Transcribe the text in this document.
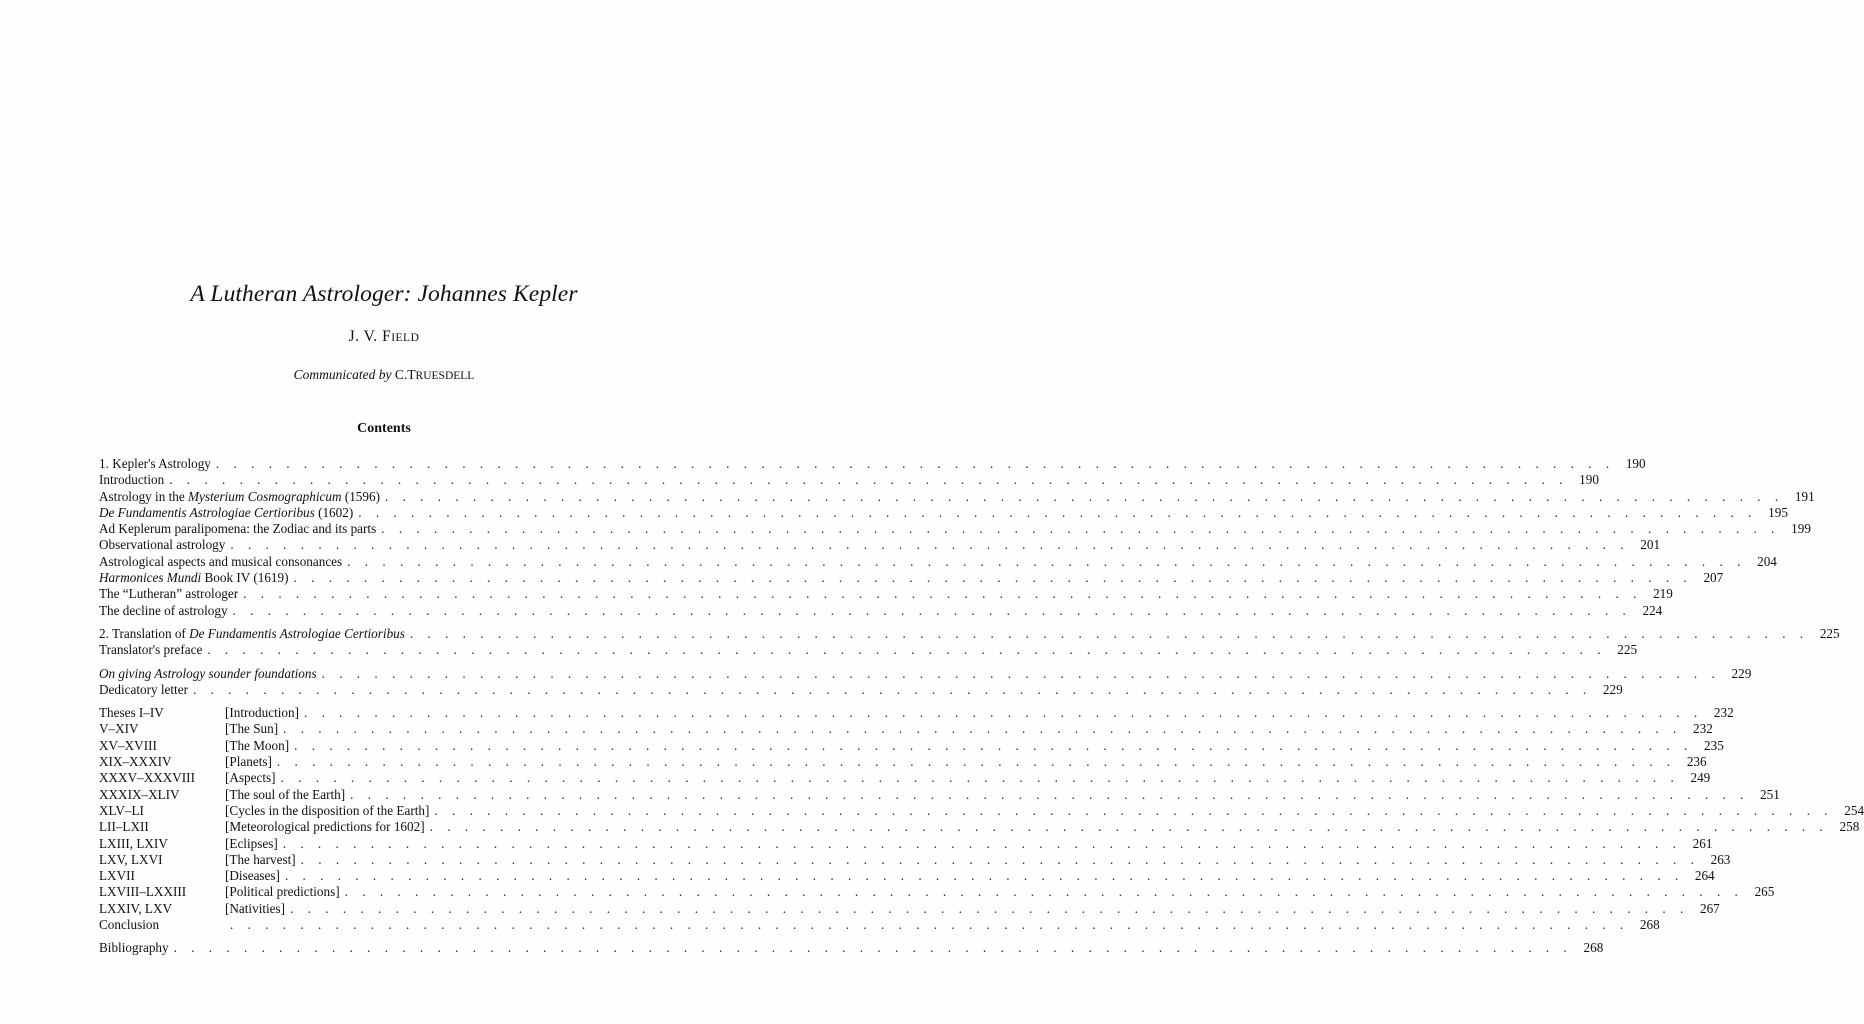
A Lutheran Astrologer: Johannes Kepler
J. V. FIELD
Communicated by C.TRUESDELL
Contents
1. Kepler's Astrology . . . . . . . . . . . . . . . . . . . . . . . . . . . . . . . . . . . . . . . . . . . . . . . . . . . . . . . . . . . . . . . . . . . . . . . . . . . . . . . . 190
Introduction . . . . . . . . . . . . . . . . . . . . . . . . . . . . . . . . . . . . . . . . . . . . . . . . . . . . . . . . . . . . . . . . . . . . . . . . . . . . . . . . 190
Astrology in the Mysterium Cosmographicum (1596) . . . . . . . . . . . . . . . . . . . . . . . . . . . . . . . . . . . . . . . . . . . . . . . . . . . . . . . . . . . . . . . . . . . . . . . . . . . . . . . . 191
De Fundamentis Astrologiae Certioribus (1602) . . . . . . . . . . . . . . . . . . . . . . . . . . . . . . . . . . . . . . . . . . . . . . . . . . . . . . . . . . . . . . . . . . . . . . . . . . . . . . . . 195
Ad Keplerum paralipomena: the Zodiac and its parts . . . . . . . . . . . . . . . . . . . . . . . . . . . . . . . . . . . . . . . . . . . . . . . . . . . . . . . . . . . . . . . . . . . . . . . . . . . . . . . . 199
Observational astrology . . . . . . . . . . . . . . . . . . . . . . . . . . . . . . . . . . . . . . . . . . . . . . . . . . . . . . . . . . . . . . . . . . . . . . . . . . . . . . . . 201
Astrological aspects and musical consonances . . . . . . . . . . . . . . . . . . . . . . . . . . . . . . . . . . . . . . . . . . . . . . . . . . . . . . . . . . . . . . . . . . . . . . . . . . . . . . . . 204
Harmonices Mundi Book IV (1619) . . . . . . . . . . . . . . . . . . . . . . . . . . . . . . . . . . . . . . . . . . . . . . . . . . . . . . . . . . . . . . . . . . . . . . . . . . . . . . . . 207
The “Lutheran” astrologer . . . . . . . . . . . . . . . . . . . . . . . . . . . . . . . . . . . . . . . . . . . . . . . . . . . . . . . . . . . . . . . . . . . . . . . . . . . . . . . . 219
The decline of astrology . . . . . . . . . . . . . . . . . . . . . . . . . . . . . . . . . . . . . . . . . . . . . . . . . . . . . . . . . . . . . . . . . . . . . . . . . . . . . . . . 224
2. Translation of De Fundamentis Astrologiae Certioribus . . . . . . . . . . . . . . . . . . . . . . . . . . . . . . . . . . . . . . . . . . . . . . . . . . . . . . . . . . . . . . . . . . . . . . . . . . . . . . . . 225
Translator's preface . . . . . . . . . . . . . . . . . . . . . . . . . . . . . . . . . . . . . . . . . . . . . . . . . . . . . . . . . . . . . . . . . . . . . . . . . . . . . . . . 225
On giving Astrology sounder foundations . . . . . . . . . . . . . . . . . . . . . . . . . . . . . . . . . . . . . . . . . . . . . . . . . . . . . . . . . . . . . . . . . . . . . . . . . . . . . . . . 229
Dedicatory letter . . . . . . . . . . . . . . . . . . . . . . . . . . . . . . . . . . . . . . . . . . . . . . . . . . . . . . . . . . . . . . . . . . . . . . . . . . . . . . . . 229
Theses I–IV	[Introduction] . . . . . . . . . . . . . . . . . . . . . . . . . . . . . . . . . . . . . . . . . . . . . . . . . . . . . . . . . . . . . . . . . . . . . . . . . . . . . . . . 232
V–XIV	[The Sun] . . . . . . . . . . . . . . . . . . . . . . . . . . . . . . . . . . . . . . . . . . . . . . . . . . . . . . . . . . . . . . . . . . . . . . . . . . . . . . . . 232
XV–XVIII	[The Moon] . . . . . . . . . . . . . . . . . . . . . . . . . . . . . . . . . . . . . . . . . . . . . . . . . . . . . . . . . . . . . . . . . . . . . . . . . . . . . . . . 235
XIX–XXXIV	[Planets] . . . . . . . . . . . . . . . . . . . . . . . . . . . . . . . . . . . . . . . . . . . . . . . . . . . . . . . . . . . . . . . . . . . . . . . . . . . . . . . . 236
XXXV–XXXVIII	[Aspects] . . . . . . . . . . . . . . . . . . . . . . . . . . . . . . . . . . . . . . . . . . . . . . . . . . . . . . . . . . . . . . . . . . . . . . . . . . . . . . . . 249
XXXIX–XLIV	[The soul of the Earth] . . . . . . . . . . . . . . . . . . . . . . . . . . . . . . . . . . . . . . . . . . . . . . . . . . . . . . . . . . . . . . . . . . . . . . . . . . . . . . . . 251
XLV–LI	[Cycles in the disposition of the Earth] . . . . . . . . . . . . . . . . . . . . . . . . . . . . . . . . . . . . . . . . . . . . . . . . . . . . . . . . . . . . . . . . . . . . . . . . . . . . . . . . 254
LII–LXII	[Meteorological predictions for 1602] . . . . . . . . . . . . . . . . . . . . . . . . . . . . . . . . . . . . . . . . . . . . . . . . . . . . . . . . . . . . . . . . . . . . . . . . . . . . . . . . 258
LXIII, LXIV	[Eclipses] . . . . . . . . . . . . . . . . . . . . . . . . . . . . . . . . . . . . . . . . . . . . . . . . . . . . . . . . . . . . . . . . . . . . . . . . . . . . . . . . 261
LXV, LXVI	[The harvest] . . . . . . . . . . . . . . . . . . . . . . . . . . . . . . . . . . . . . . . . . . . . . . . . . . . . . . . . . . . . . . . . . . . . . . . . . . . . . . . . 263
LXVII	[Diseases] . . . . . . . . . . . . . . . . . . . . . . . . . . . . . . . . . . . . . . . . . . . . . . . . . . . . . . . . . . . . . . . . . . . . . . . . . . . . . . . . 264
LXVIII–LXXIII	[Political predictions] . . . . . . . . . . . . . . . . . . . . . . . . . . . . . . . . . . . . . . . . . . . . . . . . . . . . . . . . . . . . . . . . . . . . . . . . . . . . . . . . 265
LXXIV, LXV	[Nativities] . . . . . . . . . . . . . . . . . . . . . . . . . . . . . . . . . . . . . . . . . . . . . . . . . . . . . . . . . . . . . . . . . . . . . . . . . . . . . . . . 267
Conclusion	. . . . . . . . . . . . . . . . . . . . . . . . . . . . . . . . . . . . . . . . . . . . . . . . . . . . . . . . . . . . . . . . . . . . . . . . . . . . . . . . 268
Bibliography . . . . . . . . . . . . . . . . . . . . . . . . . . . . . . . . . . . . . . . . . . . . . . . . . . . . . . . . . . . . . . . . . . . . . . . . . . . . . . . . 268
